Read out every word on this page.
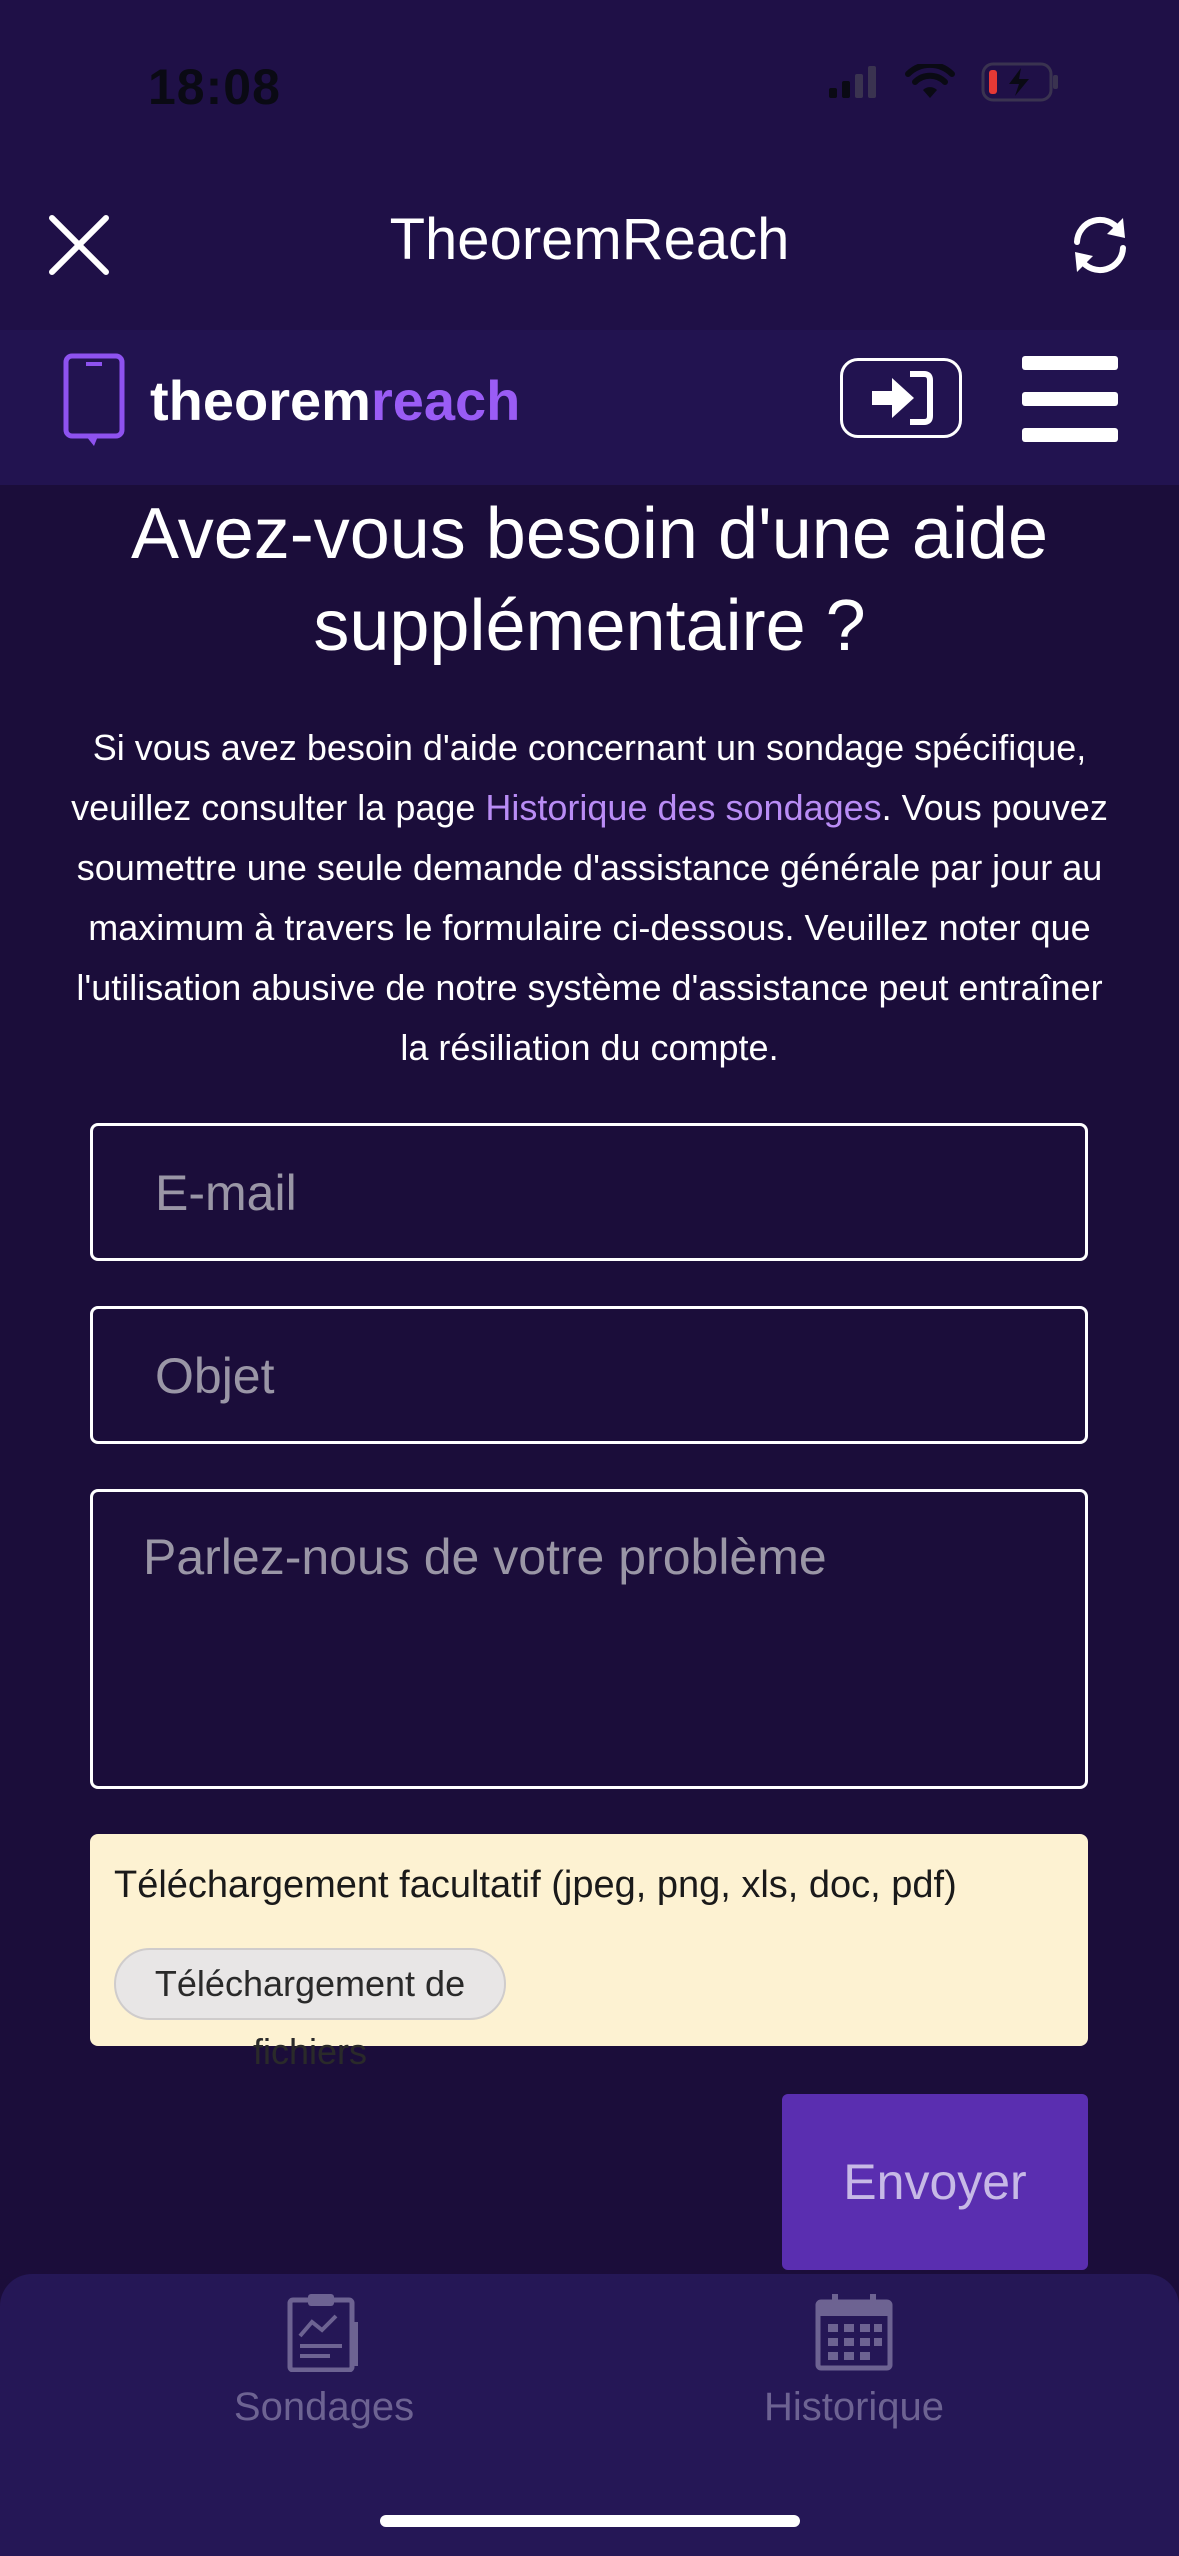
18:08
TheoremReach
theoremreach
Avez-vous besoin d'une aide
supplémentaire ?
Si vous avez besoin d'aide concernant un sondage spécifique, veuillez consulter la page Historique des sondages. Vous pouvez soumettre une seule demande d'assistance générale par jour au maximum à travers le formulaire ci-dessous. Veuillez noter que l'utilisation abusive de notre système d'assistance peut entraîner la résiliation du compte.
E-mail
Objet
Parlez-nous de votre problème
Téléchargement facultatif (jpeg, png, xls, doc, pdf)
Téléchargement de fichiers
Envoyer
Sondages	Historique
